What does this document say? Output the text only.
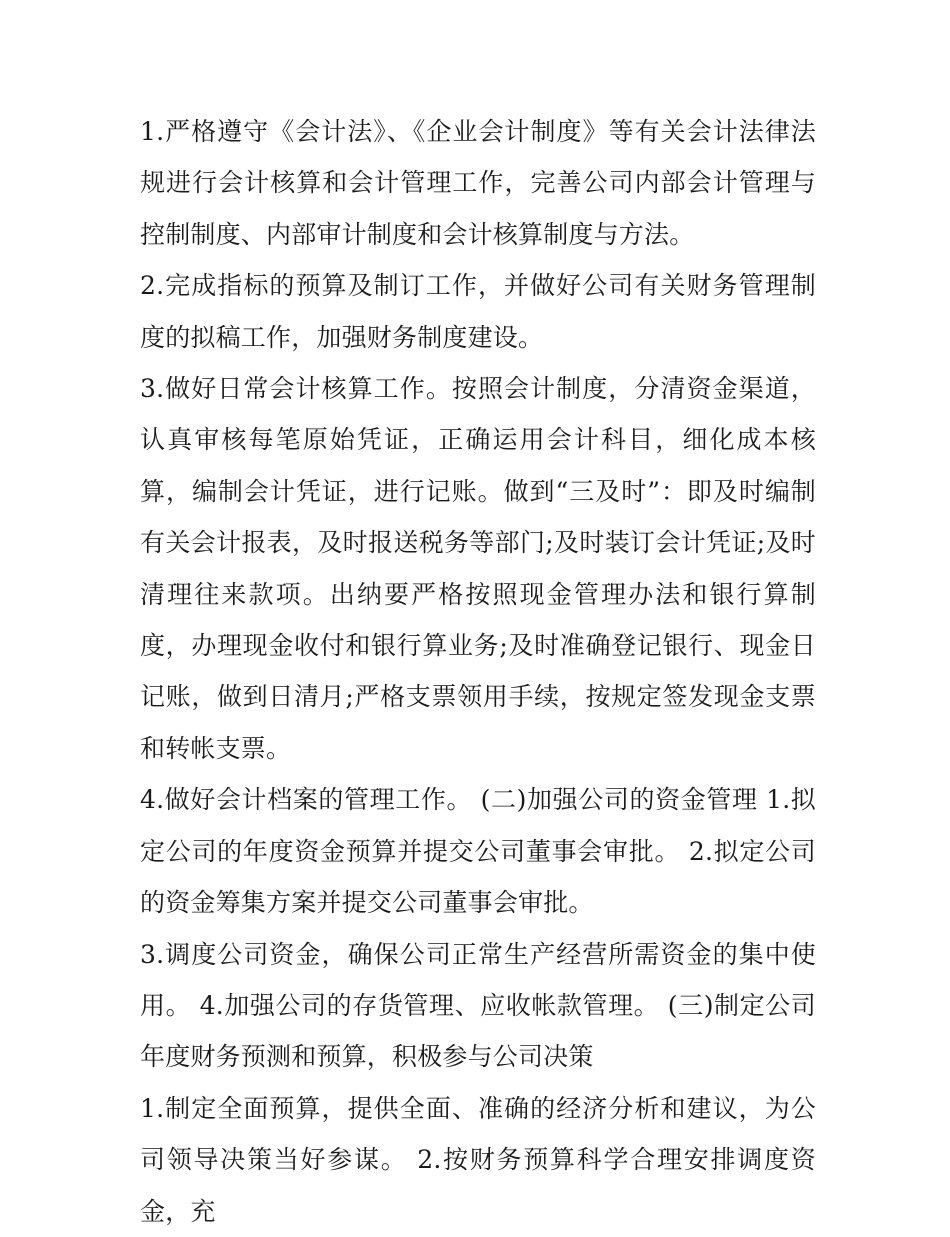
1.严格遵守《会计法》、《企业会计制度》等有关会计法律法规进行会计核算和会计管理工作，完善公司内部会计管理与控制制度、内部审计制度和会计核算制度与方法。

2.完成指标的预算及制订工作，并做好公司有关财务管理制度的拟稿工作，加强财务制度建设。

3.做好日常会计核算工作。按照会计制度，分清资金渠道，认真审核每笔原始凭证，正确运用会计科目，细化成本核算，编制会计凭证，进行记账。做到“三及时”：即及时编制有关会计报表，及时报送税务等部门;及时装订会计凭证;及时清理往来款项。出纳要严格按照现金管理办法和银行算制度，办理现金收付和银行算业务;及时准确登记银行、现金日记账，做到日清月;严格支票领用手续，按规定签发现金支票和转帐支票。

4.做好会计档案的管理工作。 (二)加强公司的资金管理 1.拟定公司的年度资金预算并提交公司董事会审批。 2.拟定公司的资金筹集方案并提交公司董事会审批。

3.调度公司资金，确保公司正常生产经营所需资金的集中使用。 4.加强公司的存货管理、应收帐款管理。 (三)制定公司年度财务预测和预算，积极参与公司决策

1.制定全面预算，提供全面、准确的经济分析和建议，为公司领导决策当好参谋。 2.按财务预算科学合理安排调度资金，充
